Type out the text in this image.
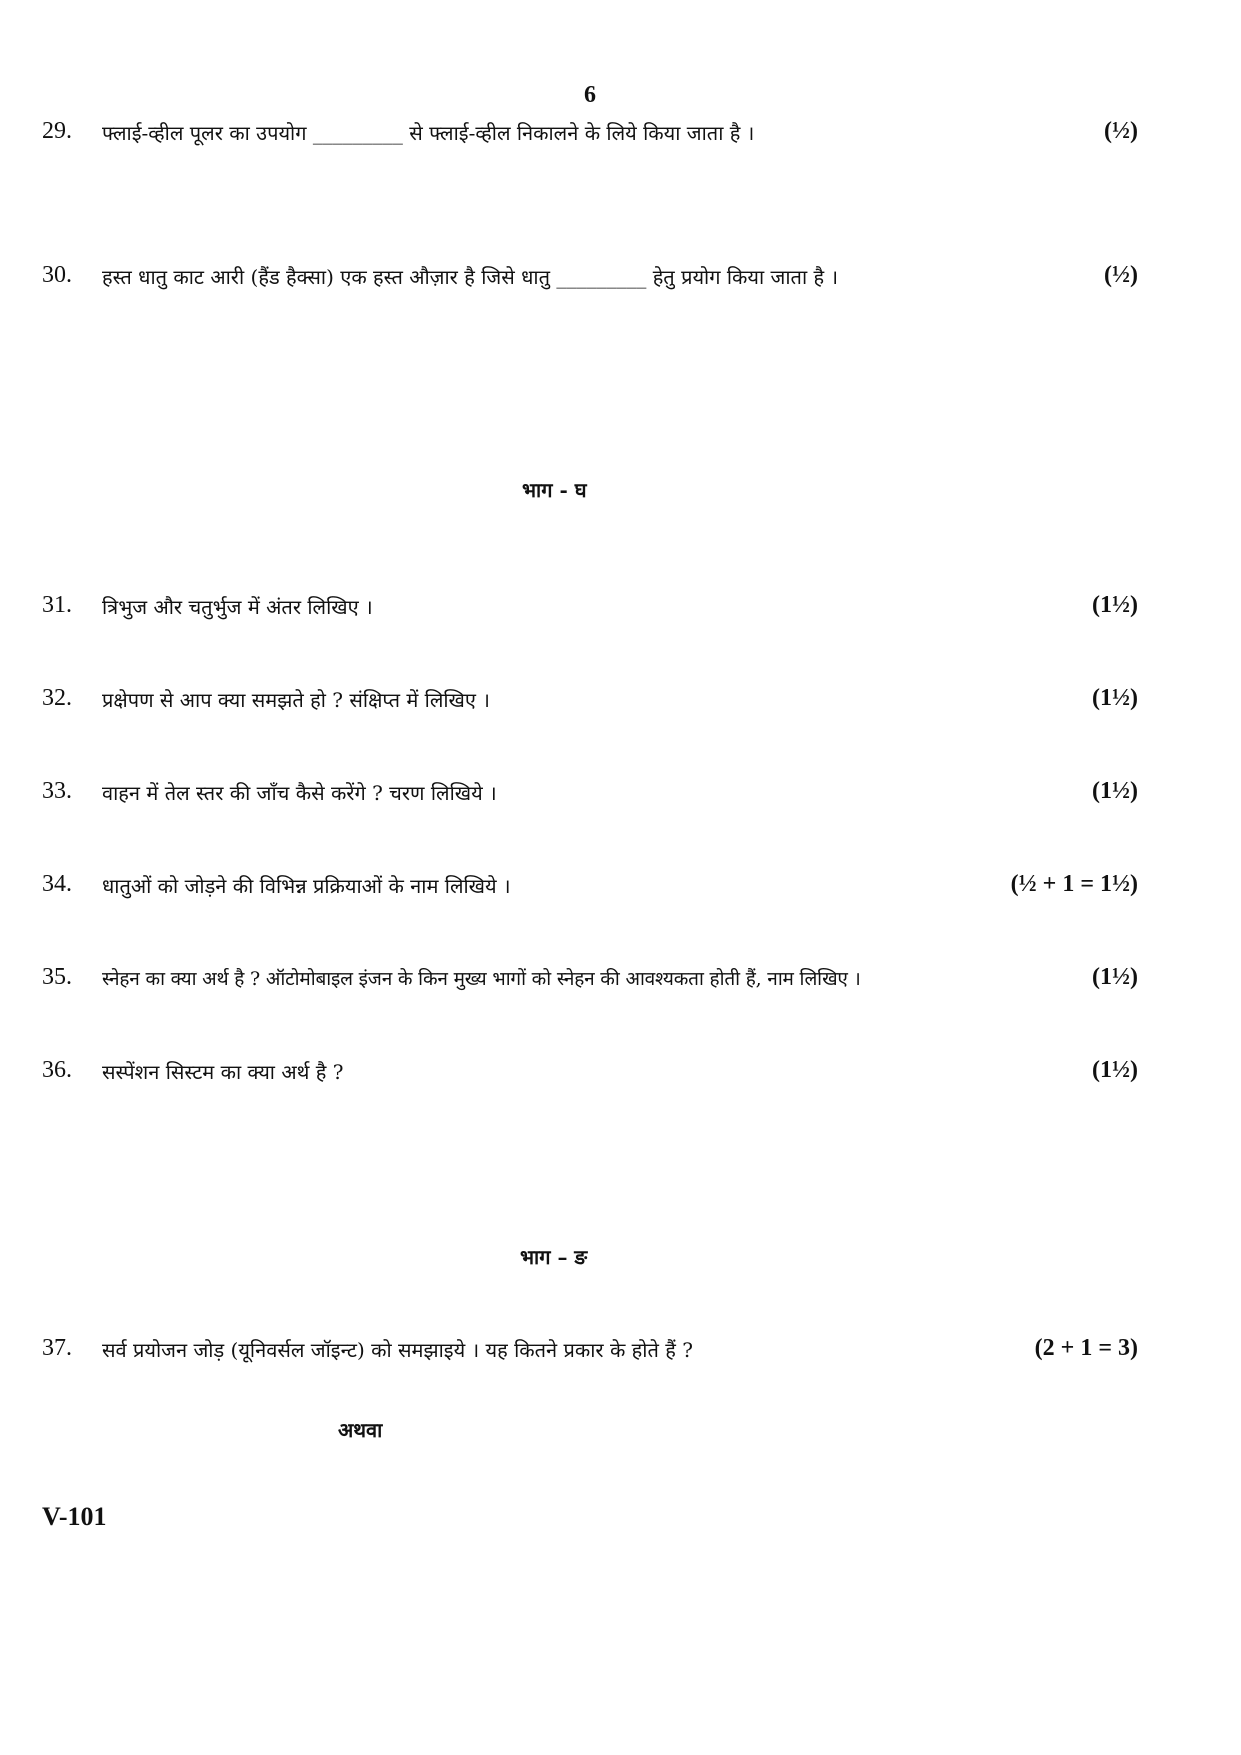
6
29. फ्लाई-व्हील पूलर का उपयोग _________ से फ्लाई-व्हील निकालने के लिये किया जाता है ।	(½)
30. हस्त धातु काट आरी (हैंड हैक्सा) एक हस्त औज़ार है जिसे धातु _________ हेतु प्रयोग किया जाता है ।	(½)
भाग - घ
31. त्रिभुज और चतुर्भुज में अंतर लिखिए ।	(1½)
32. प्रक्षेपण से आप क्या समझते हो ? संक्षिप्त में लिखिए ।	(1½)
33. वाहन में तेल स्तर की जाँच कैसे करेंगे ? चरण लिखिये ।	(1½)
34. धातुओं को जोड़ने की विभिन्न प्रक्रियाओं के नाम लिखिये ।	(½ + 1 = 1½)
35. स्नेहन का क्या अर्थ है ? ऑटोमोबाइल इंजन के किन मुख्य भागों को स्नेहन की आवश्यकता होती हैं, नाम लिखिए ।	(1½)
36. सस्पेंशन सिस्टम का क्या अर्थ है ?	(1½)
भाग – ङ
37. सर्व प्रयोजन जोड़ (यूनिवर्सल जॉइन्ट) को समझाइये । यह कितने प्रकार के होते हैं ?	(2 + 1 = 3)
अथवा
V-101
